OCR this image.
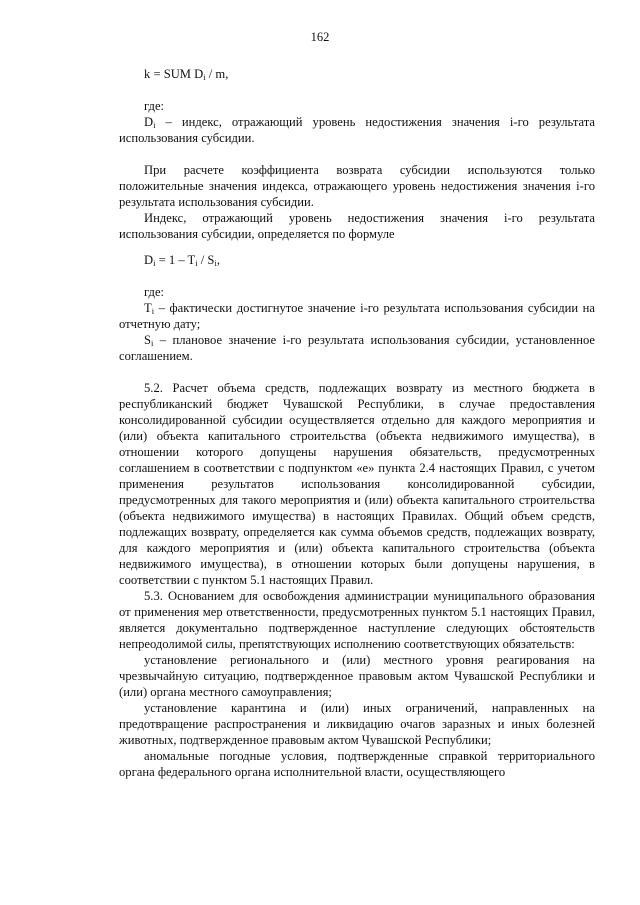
162

k = SUM $D_i$ / m,

где:

$D_i$ – индекс, отражающий уровень недостижения значения i-го результата использования субсидии.

При расчете коэффициента возврата субсидии используются только положительные значения индекса, отражающего уровень недостижения значения i-го результата использования субсидии.

Индекс, отражающий уровень недостижения значения i-го результата использования субсидии, определяется по формуле

$D_i = 1 - T_i / S_i$,

где:

$T_i$ – фактически достигнутое значение i-го результата использования субсидии на отчетную дату;

$S_i$ – плановое значение i-го результата использования субсидии, установленное соглашением.

5.2. Расчет объема средств, подлежащих возврату из местного бюджета в республиканский бюджет Чувашской Республики, в случае предоставления консолидированной субсидии осуществляется отдельно для каждого мероприятия и (или) объекта капитального строительства (объекта недвижимого имущества), в отношении которого допущены нарушения обязательств, предусмотренных соглашением в соответствии с подпунктом «е» пункта 2.4 настоящих Правил, с учетом применения результатов использования консолидированной субсидии, предусмотренных для такого мероприятия и (или) объекта капитального строительства (объекта недвижимого имущества) в настоящих Правилах. Общий объем средств, подлежащих возврату, определяется как сумма объемов средств, подлежащих возврату, для каждого мероприятия и (или) объекта капитального строительства (объекта недвижимого имущества), в отношении которых были допущены нарушения, в соответствии с пунктом 5.1 настоящих Правил.

5.3. Основанием для освобождения администрации муниципального образования от применения мер ответственности, предусмотренных пунктом 5.1 настоящих Правил, является документально подтвержденное наступление следующих обстоятельств непреодолимой силы, препятствующих исполнению соответствующих обязательств:

установление регионального и (или) местного уровня реагирования на чрезвычайную ситуацию, подтвержденное правовым актом Чувашской Республики и (или) органа местного самоуправления;

установление карантина и (или) иных ограничений, направленных на предотвращение распространения и ликвидацию очагов заразных и иных болезней животных, подтвержденное правовым актом Чувашской Республики;

аномальные погодные условия, подтвержденные справкой территориального органа федерального органа исполнительной власти, осуществляющего
